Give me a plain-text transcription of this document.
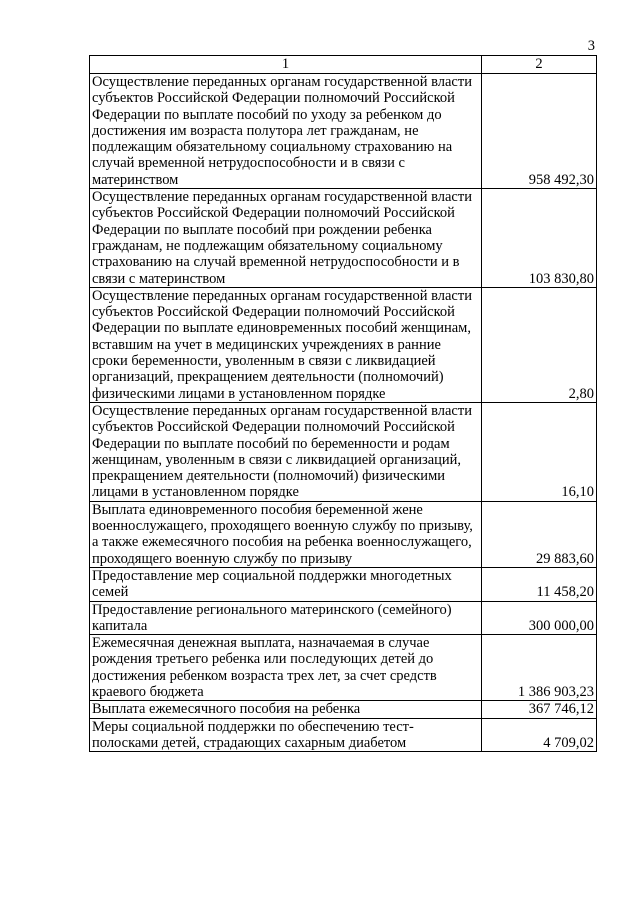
3
1	2
Осуществление переданных органам государственной власти субъектов Российской Федерации полномочий Российской Федерации по выплате пособий по уходу за ребенком до достижения им возраста полутора лет гражданам, не подлежащим обязательному социальному страхованию на случай временной нетрудоспособности и в связи с материнством	958 492,30
Осуществление переданных органам государственной власти субъектов Российской Федерации полномочий Российской Федерации по выплате пособий при рождении ребенка гражданам, не подлежащим обязательному социальному страхованию на случай временной нетрудоспособности и в связи с материнством	103 830,80
Осуществление переданных органам государственной власти субъектов Российской Федерации полномочий Российской Федерации по выплате единовременных пособий женщинам, вставшим на учет в медицинских учреждениях в ранние сроки беременности, уволенным в связи с ликвидацией организаций, прекращением деятельности (полномочий) физическими лицами в установленном порядке	2,80
Осуществление переданных органам государственной власти субъектов Российской Федерации полномочий Российской Федерации по выплате пособий по беременности и родам женщинам, уволенным в связи с ликвидацией организаций, прекращением деятельности (полномочий) физическими лицами в установленном порядке	16,10
Выплата единовременного пособия беременной жене военнослужащего, проходящего военную службу по призыву, а также ежемесячного пособия на ребенка военнослужащего, проходящего военную службу по призыву	29 883,60
Предоставление мер социальной поддержки многодетных семей	11 458,20
Предоставление регионального материнского (семейного) капитала	300 000,00
Ежемесячная денежная выплата, назначаемая в случае рождения третьего ребенка или последующих детей до достижения ребенком возраста трех лет, за счет средств краевого бюджета	1 386 903,23
Выплата ежемесячного пособия на ребенка	367 746,12
Меры социальной поддержки по обеспечению тест-полосками детей, страдающих сахарным диабетом	4 709,02
